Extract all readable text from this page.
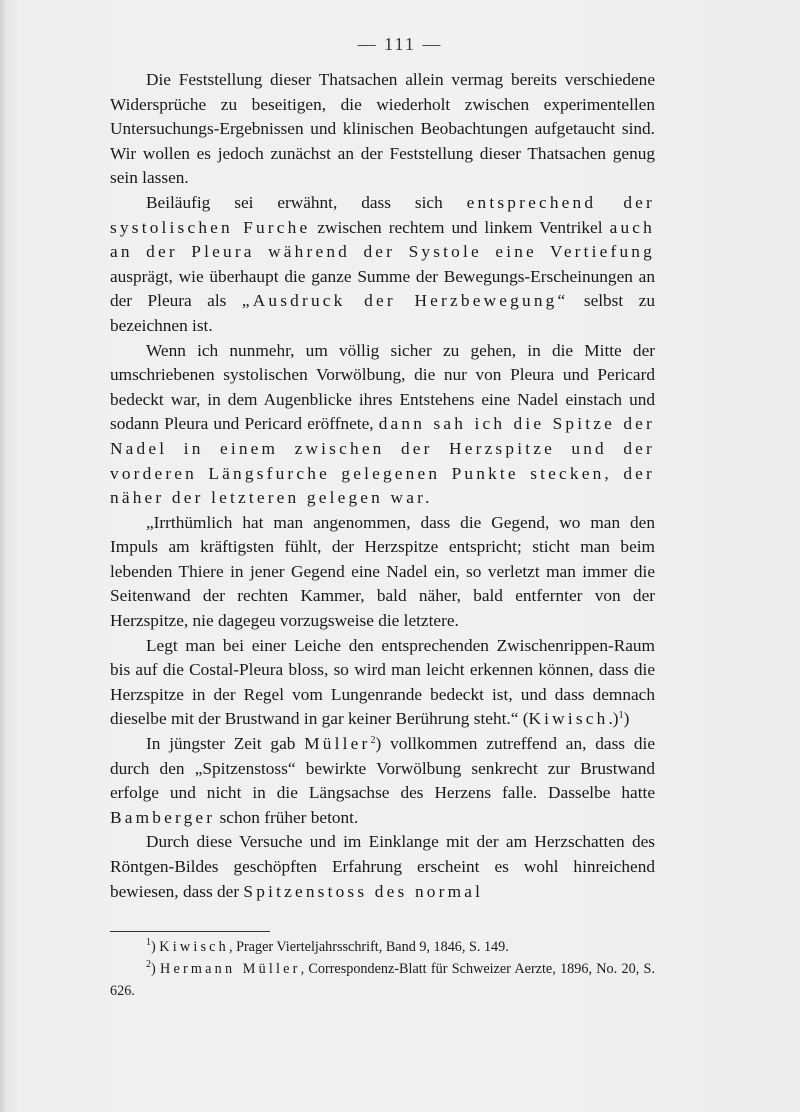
— 111 —

Die Feststellung dieser Thatsachen allein vermag bereits verschiedene Widersprüche zu beseitigen, die wiederholt zwischen experimentellen Untersuchungs-Ergebnissen und klinischen Beobachtungen aufgetaucht sind. Wir wollen es jedoch zunächst an der Feststellung dieser Thatsachen genug sein lassen.

Beiläufig sei erwähnt, dass sich entsprechend der systolischen Furche zwischen rechtem und linkem Ventrikel auch an der Pleura während der Systole eine Vertiefung ausprägt, wie überhaupt die ganze Summe der Bewegungs-Erscheinungen an der Pleura als „Ausdruck der Herzbewegung“ selbst zu bezeichnen ist.

Wenn ich nunmehr, um völlig sicher zu gehen, in die Mitte der umschriebenen systolischen Vorwölbung, die nur von Pleura und Pericard bedeckt war, in dem Augenblicke ihres Entstehens eine Nadel einstach und sodann Pleura und Pericard eröffnete, dann sah ich die Spitze der Nadel in einem zwischen der Herzspitze und der vorderen Längsfurche gelegenen Punkte stecken, der näher der letzteren gelegen war.

„Irrthümlich hat man angenommen, dass die Gegend, wo man den Impuls am kräftigsten fühlt, der Herzspitze entspricht; sticht man beim lebenden Thiere in jener Gegend eine Nadel ein, so verletzt man immer die Seitenwand der rechten Kammer, bald näher, bald entfernter von der Herzspitze, nie dagegeu vorzugsweise die letztere.

Legt man bei einer Leiche den entsprechenden Zwischenrippen-Raum bis auf die Costal-Pleura bloss, so wird man leicht erkennen können, dass die Herzspitze in der Regel vom Lungenrande bedeckt ist, und dass demnach dieselbe mit der Brustwand in gar keiner Berührung steht.“ (Kiwisch.)$^1$)

In jüngster Zeit gab Müller$^2$) vollkommen zutreffend an, dass die durch den „Spitzenstoss“ bewirkte Vorwölbung senkrecht zur Brustwand erfolge und nicht in die Längsachse des Herzens falle. Dasselbe hatte Bamberger schon früher betont.

Durch diese Versuche und im Einklange mit der am Herzschatten des Röntgen-Bildes geschöpften Erfahrung erscheint es wohl hinreichend bewiesen, dass der Spitzenstoss des normal

$^1$) Kiwisch, Prager Vierteljahrsschrift, Band 9, 1846, S. 149.
$^2$) Hermann Müller, Correspondenz-Blatt für Schweizer Aerzte, 1896, No. 20, S. 626.
